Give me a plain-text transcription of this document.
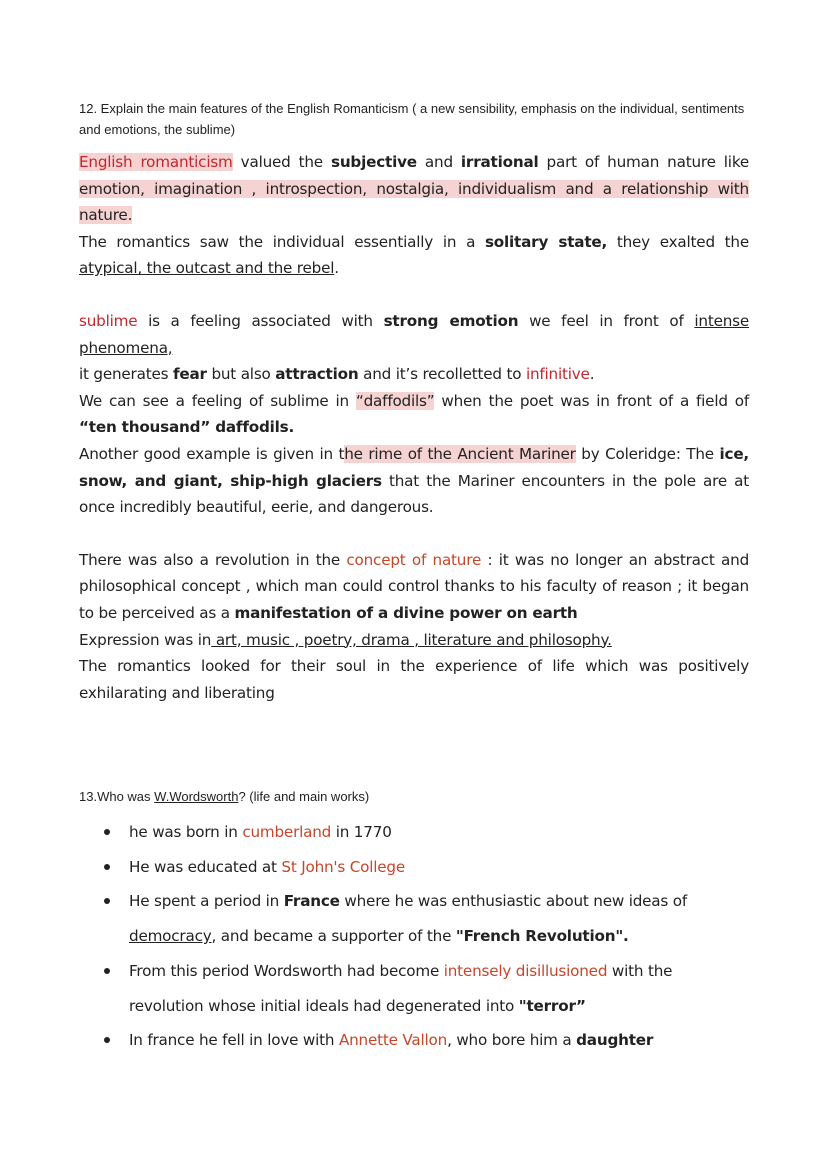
12. Explain the main features of the English Romanticism ( a new sensibility, emphasis on the individual, sentiments and emotions, the sublime)

English romanticism valued the subjective and irrational part of human nature like emotion, imagination , introspection, nostalgia, individualism and a relationship with nature.

The romantics saw the individual essentially in a solitary state, they exalted the atypical, the outcast and the rebel.

sublime is a feeling associated with strong emotion we feel in front of intense phenomena,

it generates fear but also attraction and it’s recolletted to infinitive.

We can see a feeling of sublime in “daffodils” when the poet was in front of a field of “ten thousand” daffodils.

Another good example is given in the rime of the Ancient Mariner by Coleridge: The ice, snow, and giant, ship-high glaciers that the Mariner encounters in the pole are at once incredibly beautiful, eerie, and dangerous.

There was also a revolution in the concept of nature : it was no longer an abstract and philosophical concept , which man could control thanks to his faculty of reason ; it began to be perceived as a manifestation of a divine power on earth

Expression was in art, music , poetry, drama , literature and philosophy.

The romantics looked for their soul in the experience of life which was positively exhilarating and liberating

13.Who was W.Wordsworth? (life and main works)
he was born in cumberland in 1770
He was educated at St John's College
He spent a period in France where he was enthusiastic about new ideas of democracy, and became a supporter of the "French Revolution".
From this period Wordsworth had become intensely disillusioned with the revolution whose initial ideals had degenerated into "terror”
In france he fell in love with Annette Vallon, who bore him a daughter
